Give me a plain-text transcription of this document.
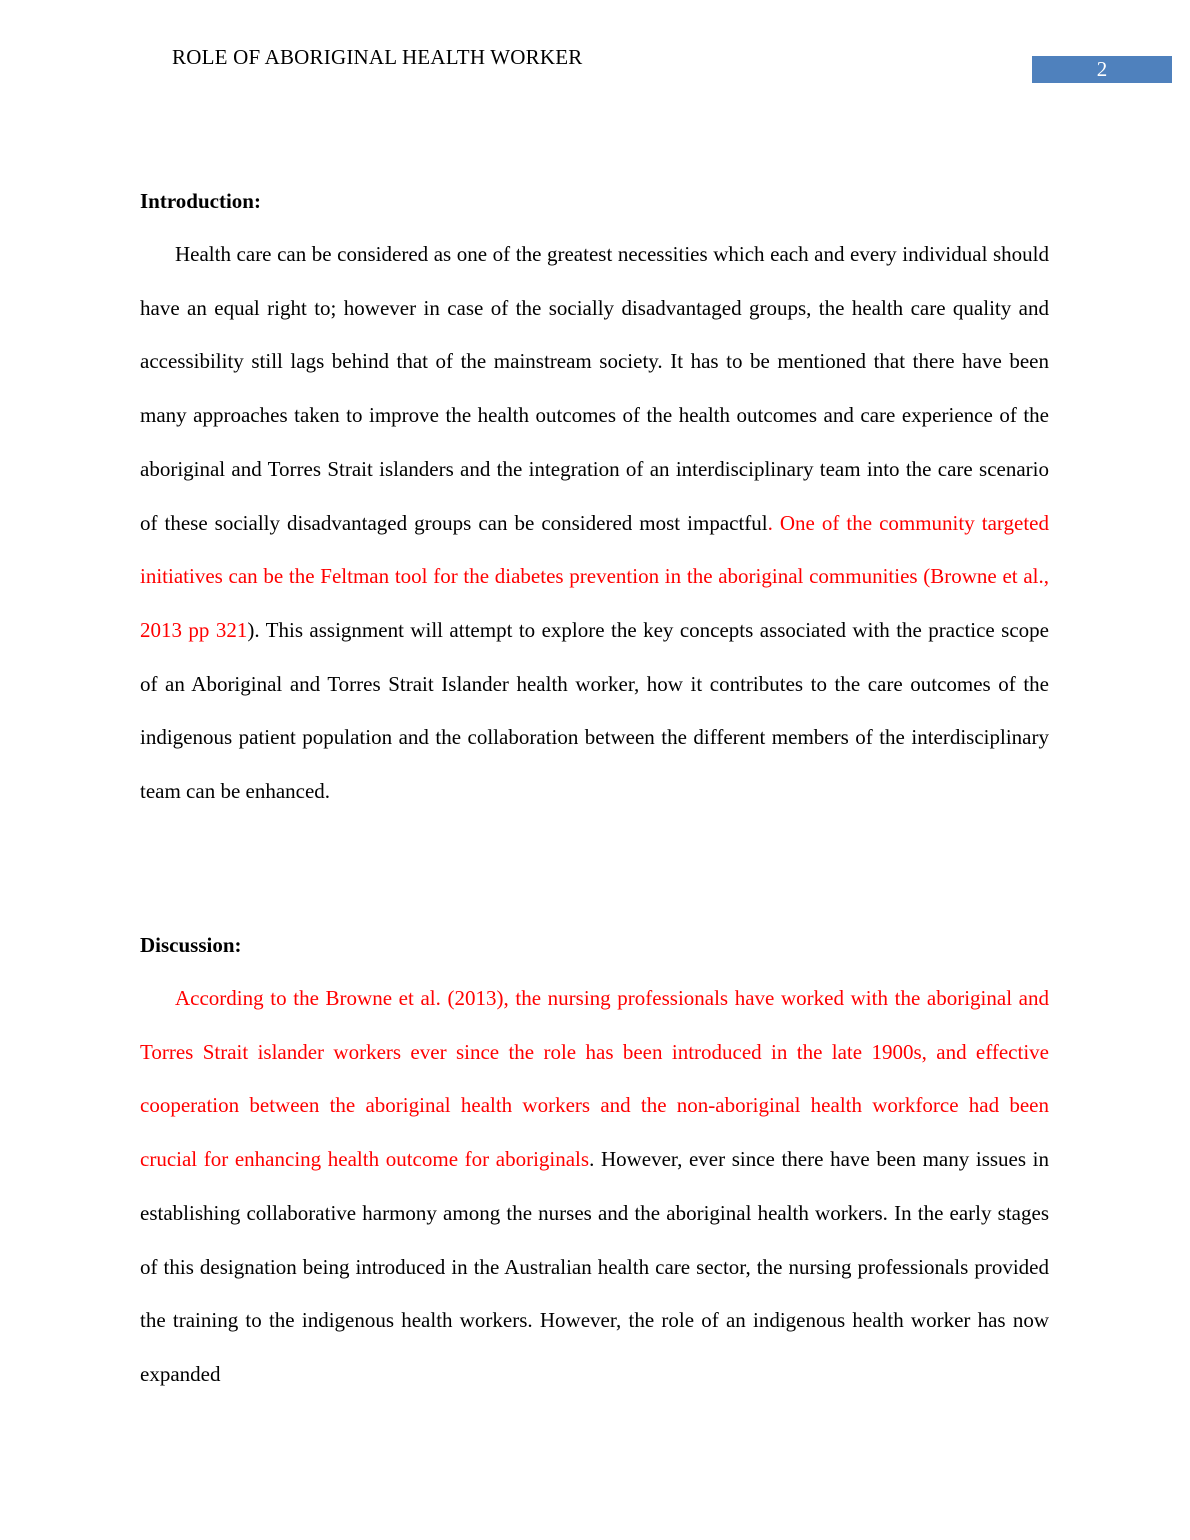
ROLE OF ABORIGINAL HEALTH WORKER	2
Introduction:

Health care can be considered as one of the greatest necessities which each and every individual should have an equal right to; however in case of the socially disadvantaged groups, the health care quality and accessibility still lags behind that of the mainstream society. It has to be mentioned that there have been many approaches taken to improve the health outcomes of the health outcomes and care experience of the aboriginal and Torres Strait islanders and the integration of an interdisciplinary team into the care scenario of these socially disadvantaged groups can be considered most impactful. One of the community targeted initiatives can be the Feltman tool for the diabetes prevention in the aboriginal communities (Browne et al., 2013 pp 321). This assignment will attempt to explore the key concepts associated with the practice scope of an Aboriginal and Torres Strait Islander health worker, how it contributes to the care outcomes of the indigenous patient population and the collaboration between the different members of the interdisciplinary team can be enhanced.

Discussion:

According to the Browne et al. (2013), the nursing professionals have worked with the aboriginal and Torres Strait islander workers ever since the role has been introduced in the late 1900s, and effective cooperation between the aboriginal health workers and the non-aboriginal health workforce had been crucial for enhancing health outcome for aboriginals. However, ever since there have been many issues in establishing collaborative harmony among the nurses and the aboriginal health workers. In the early stages of this designation being introduced in the Australian health care sector, the nursing professionals provided the training to the indigenous health workers. However, the role of an indigenous health worker has now expanded
